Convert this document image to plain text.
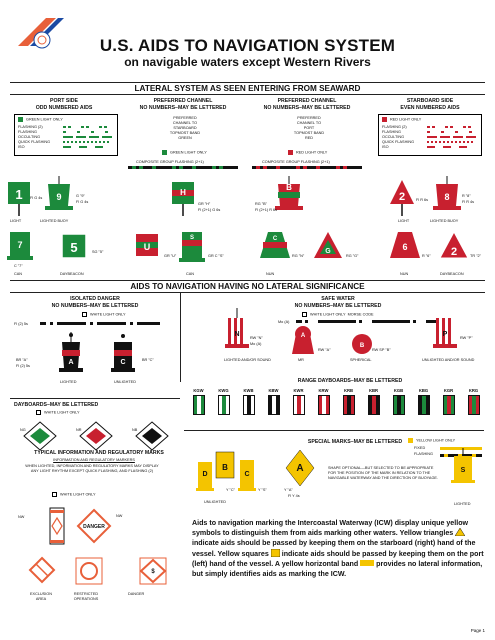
U.S. AIDS TO NAVIGATION SYSTEM
on navigable waters except Western Rivers
LATERAL SYSTEM AS SEEN ENTERING FROM SEAWARD
PORT SIDE
ODD NUMBERED AIDS
PREFERRED CHANNEL
NO NUMBERS–MAY BE LETTERED
PREFERRED CHANNEL
NO NUMBERS–MAY BE LETTERED
STARBOARD SIDE
EVEN NUMBERED AIDS
GREEN LIGHT ONLY
FLASHING (2)
FLASHING
OCCULTING
QUICK FLASHING
ISO
PREFERRED
CHANNEL TO
STARBOARD
TOPMOST BAND
GREEN
GREEN LIGHT ONLY
COMPOSITE GROUP FLASHING (2+1)
PREFERRED
CHANNEL TO
PORT
TOPMOST BAND
RED
RED LIGHT ONLY
COMPOSITE GROUP FLASHING (2+1)
RED LIGHT ONLY
FLASHING (2)
FLASHING
OCCULTING
QUICK FLASHING
ISO
1	9	H
B
2	8
LIGHT	LIGHTED BUOY
Fl G 4s	G "9"
Fl G 4s	GR "H"
Fl (2+1) G 6s
RG "B"
Fl (2+1) R 6s
Fl R 6s
R "8"
Fl R 4s
LIGHT	LIGHTED BUOY
7	5	U
S	C
G	6	2
C "7"
SG "5"
GR "U"	GR C "S"	RG "N"	RG "G"	R "6"	TR "2"
CAN	DAYBEACON	CAN	NUN	NUN	DAYBEACON
AIDS TO NAVIGATION HAVING NO LATERAL SIGNIFICANCE
ISOLATED DANGER
NO NUMBERS–MAY BE LETTERED
WHITE LIGHT ONLY
Fl (2) 5s
A	C
BR "A"
Fl (2) 5s
BR "C"
LIGHTED	UNLIGHTED
SAFE WATER
NO NUMBERS–MAY BE LETTERED
WHITE LIGHT ONLY MORSE CODE
Mo (A)
N	A
B
P
RW "N"
Mo (A)
RW "A"	RW SP "B"
RW "P"
LIGHTED AND/OR SOUND	MR	SPHERICAL	UNLIGHTED AND/OR SOUND
RANGE DAYBOARDS–MAY BE LETTERED
KGW	KWG	KWB	KBW	KWR	KRW	KRB	KBR	KGB	KBG	KGR	KRG
DAYBOARDS–MAY BE LETTERED
WHITE LIGHT ONLY
NG	NR	NB
TYPICAL INFORMATION AND REGULATORY MARKS
INFORMATION AND REGULATORY MARKERS
WHEN LIGHTED, INFORMATION AND REGULATORY MARKS MAY DISPLAY ANY LIGHT RHYTHM EXCEPT QUICK FLASHING, AND FLASHING (2)
WHITE LIGHT ONLY
DANGER
$
NW	NW
EXCLUSION AREA
RESTRICTED OPERATIONS
DANGER
SPECIAL MARKS–MAY BE LETTERED	YELLOW LIGHT ONLY
FIXED
FLASHING
D
B
C
A	S
Y "C"	Y "S"	Y "A"
Fl Y 4s
SHAPE OPTIONAL—BUT SELECTED TO BE APPROPRIATE FOR THE POSITION OF THE MARK IN RELATION TO THE NAVIGABLE WATERWAY AND THE DIRECTION OF BUOYAGE.
UNLIGHTED	LIGHTED
Aids to navigation marking the Intercoastal Waterway (ICW) display unique yellow symbols to distinguish them from aids marking other waters. Yellow triangles  indicate aids should be passed by keeping them on the starboard (right) hand of the vessel. Yellow squares indicate aids should be passed by keeping them on the port (left) hand of the vessel. A yellow horizontal band	provides no lateral information, but simply identifies aids as marking the ICW.
Page 1
